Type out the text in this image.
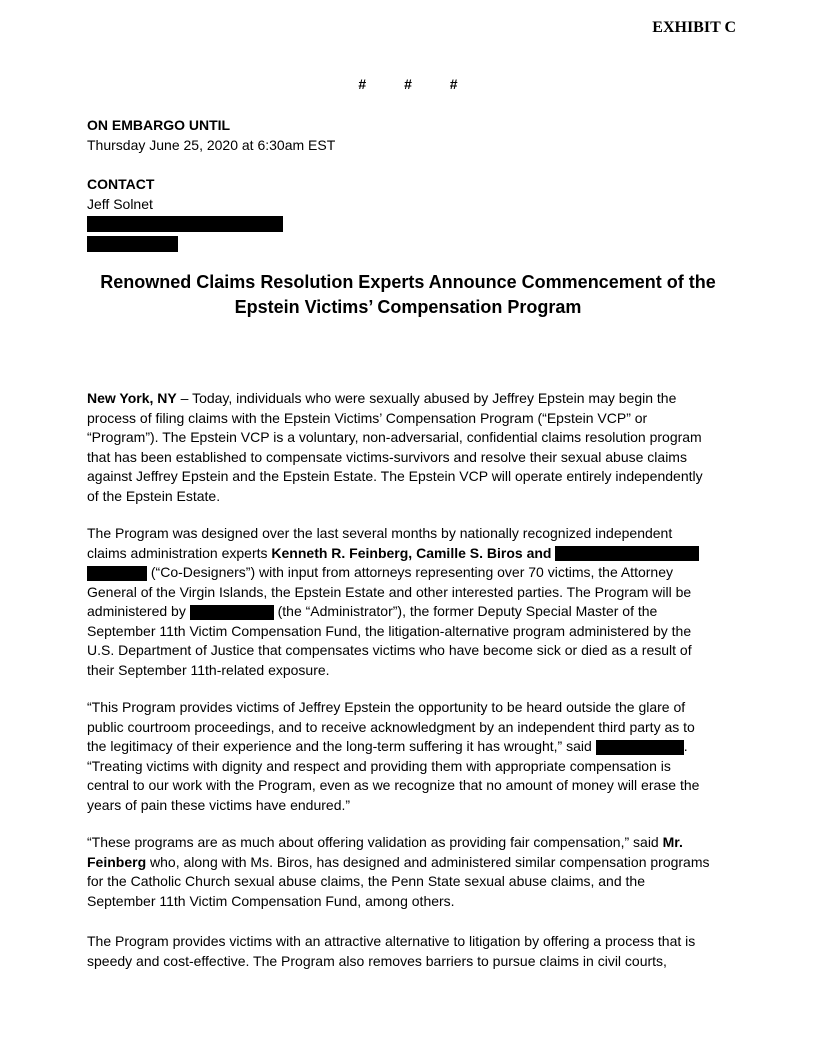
EXHIBIT C
# # #
ON EMBARGO UNTIL
Thursday June 25, 2020 at 6:30am EST
CONTACT
Jeff Solnet
Renowned Claims Resolution Experts Announce Commencement of the
Epstein Victims’ Compensation Program
New York, NY – Today, individuals who were sexually abused by Jeffrey Epstein may begin the
process of filing claims with the Epstein Victims’ Compensation Program (“Epstein VCP” or
“Program”). The Epstein VCP is a voluntary, non-adversarial, confidential claims resolution program
that has been established to compensate victims-survivors and resolve their sexual abuse claims
against Jeffrey Epstein and the Epstein Estate. The Epstein VCP will operate entirely independently
of the Epstein Estate.
The Program was designed over the last several months by nationally recognized independent
claims administration experts Kenneth R. Feinberg, Camille S. Biros and
(“Co-Designers”) with input from attorneys representing over 70 victims, the Attorney
General of the Virgin Islands, the Epstein Estate and other interested parties. The Program will be
administered by	(the “Administrator”), the former Deputy Special Master of the
September 11th Victim Compensation Fund, the litigation-alternative program administered by the
U.S. Department of Justice that compensates victims who have become sick or died as a result of
their September 11th-related exposure.
“This Program provides victims of Jeffrey Epstein the opportunity to be heard outside the glare of
public courtroom proceedings, and to receive acknowledgment by an independent third party as to
the legitimacy of their experience and the long-term suffering it has wrought,” said	.
“Treating victims with dignity and respect and providing them with appropriate compensation is
central to our work with the Program, even as we recognize that no amount of money will erase the
years of pain these victims have endured.”
“These programs are as much about offering validation as providing fair compensation,” said Mr.
Feinberg who, along with Ms. Biros, has designed and administered similar compensation programs
for the Catholic Church sexual abuse claims, the Penn State sexual abuse claims, and the
September 11th Victim Compensation Fund, among others.
The Program provides victims with an attractive alternative to litigation by offering a process that is
speedy and cost-effective. The Program also removes barriers to pursue claims in civil courts,
